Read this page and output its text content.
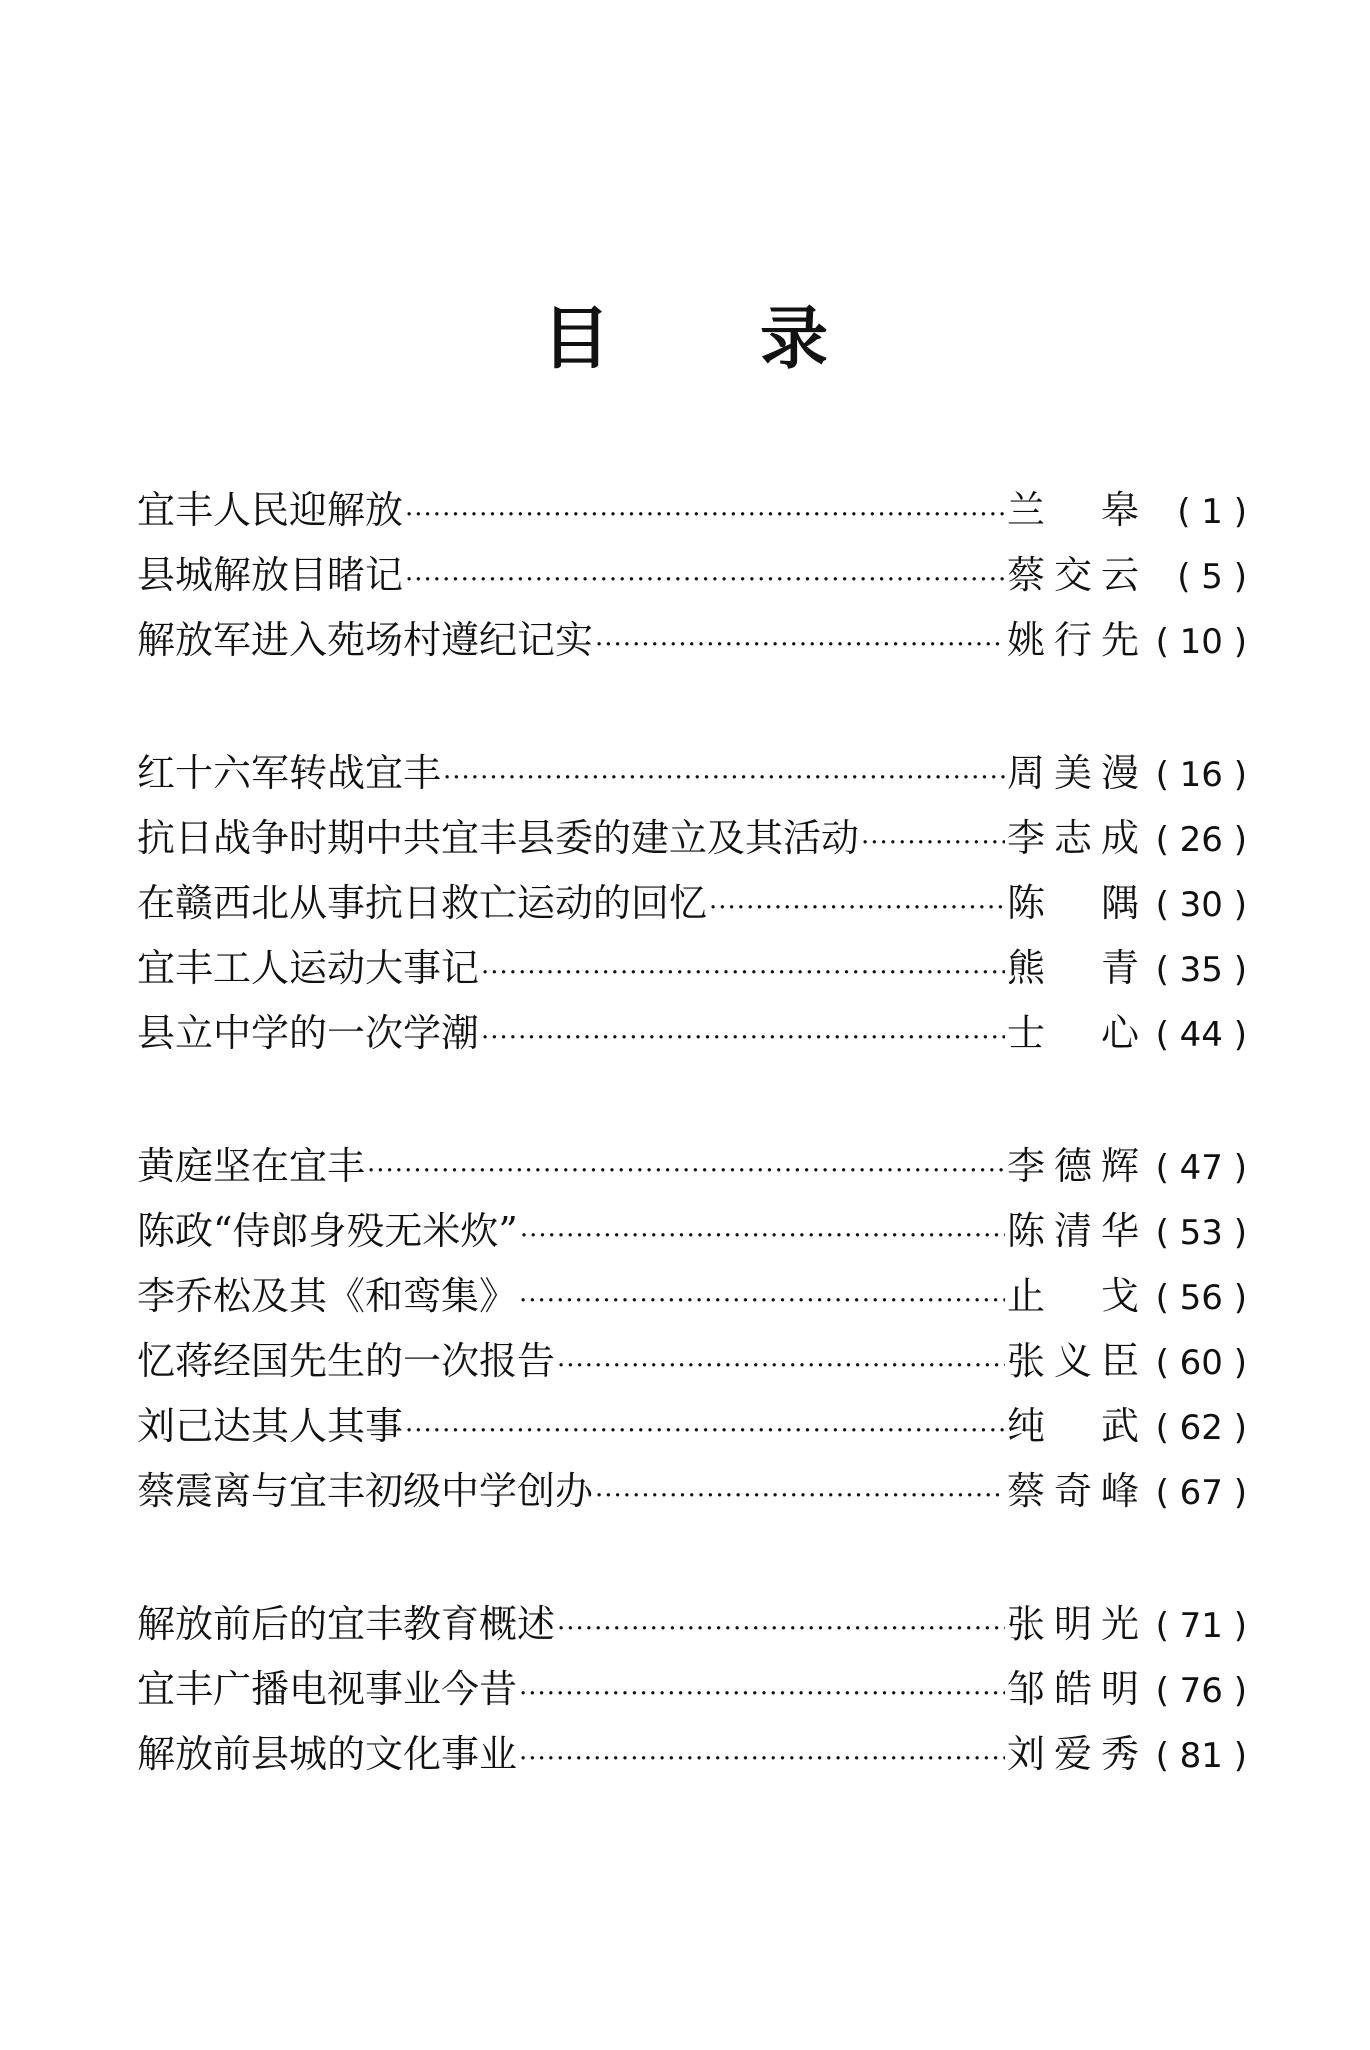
目 录
宜丰人民迎解放 ·····	兰　皋	( 1 )
县城解放目睹记 ·····	蔡交云	( 5 )
解放军进入苑场村遵纪记实 ·····	姚行先 ( 10 )
红十六军转战宜丰 ·····	周美漫 ( 16 )
抗日战争时期中共宜丰县委的建立及其活动 ·····	李志成 ( 26 )
在赣西北从事抗日救亡运动的回忆 ·····	陈　隅 ( 30 )
宜丰工人运动大事记 ·····	熊　青 ( 35 )
县立中学的一次学潮 ·····	士　心 ( 44 )
黄庭坚在宜丰 ·····	李德辉 ( 47 )
陈政“侍郎身殁无米炊” ·····	陈清华 ( 53 )
李乔松及其《和鸾集》 ·····	止　戈 ( 56 )
忆蒋经国先生的一次报告 ·····	张义臣 ( 60 )
刘己达其人其事 ·····	纯　武 ( 62 )
蔡震离与宜丰初级中学创办 ·····	蔡奇峰 ( 67 )
解放前后的宜丰教育概述 ·····	张明光 ( 71 )
宜丰广播电视事业今昔 ·····	邹皓明 ( 76 )
解放前县城的文化事业 ·····	刘爱秀 ( 81 )
